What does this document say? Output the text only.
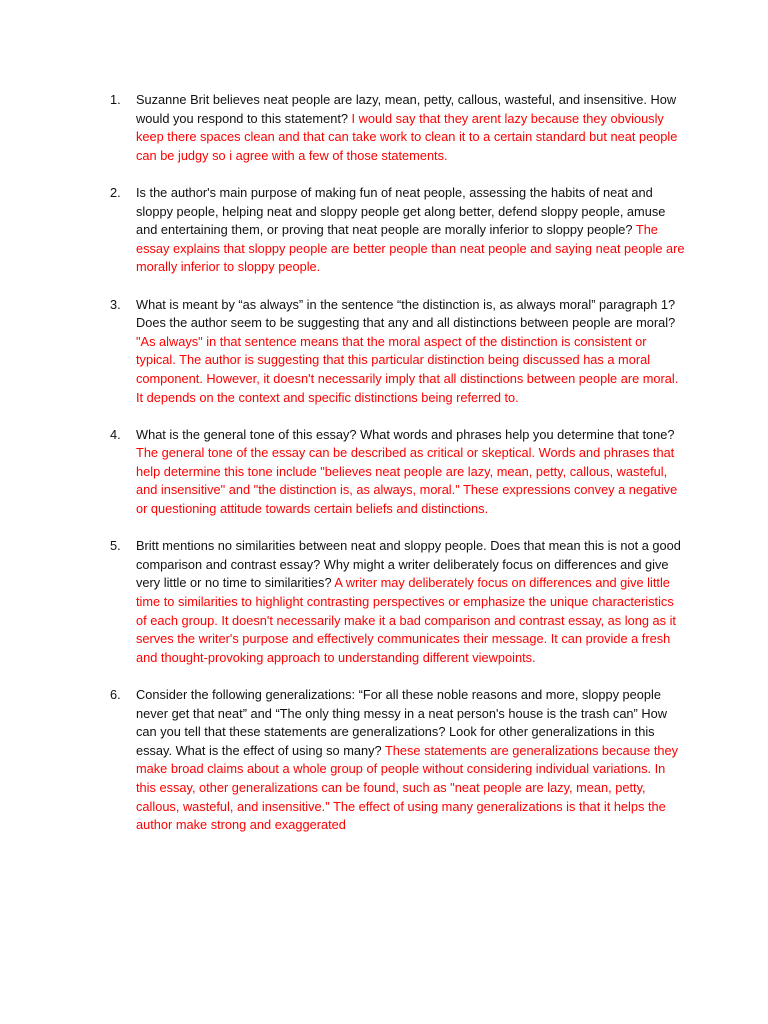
1. Suzanne Brit believes neat people are lazy, mean, petty, callous, wasteful, and insensitive. How would you respond to this statement? I would say that they arent lazy because they obviously keep there spaces clean and that can take work to clean it to a certain standard but neat people can be judgy so i agree with a few of those statements.
2. Is the author's main purpose of making fun of neat people, assessing the habits of neat and sloppy people, helping neat and sloppy people get along better, defend sloppy people, amuse and entertaining them, or proving that neat people are morally inferior to sloppy people? The essay explains that sloppy people are better people than neat people and saying neat people are morally inferior to sloppy people.
3. What is meant by “as always” in the sentence “the distinction is, as always moral” paragraph 1? Does the author seem to be suggesting that any and all distinctions between people are moral? "As always" in that sentence means that the moral aspect of the distinction is consistent or typical. The author is suggesting that this particular distinction being discussed has a moral component. However, it doesn't necessarily imply that all distinctions between people are moral. It depends on the context and specific distinctions being referred to.
4. What is the general tone of this essay? What words and phrases help you determine that tone? The general tone of the essay can be described as critical or skeptical. Words and phrases that help determine this tone include "believes neat people are lazy, mean, petty, callous, wasteful, and insensitive" and "the distinction is, as always, moral." These expressions convey a negative or questioning attitude towards certain beliefs and distinctions.
5. Britt mentions no similarities between neat and sloppy people. Does that mean this is not a good comparison and contrast essay? Why might a writer deliberately focus on differences and give very little or no time to similarities? A writer may deliberately focus on differences and give little time to similarities to highlight contrasting perspectives or emphasize the unique characteristics of each group. It doesn't necessarily make it a bad comparison and contrast essay, as long as it serves the writer's purpose and effectively communicates their message. It can provide a fresh and thought-provoking approach to understanding different viewpoints.
6. Consider the following generalizations: “For all these noble reasons and more, sloppy people never get that neat” and “The only thing messy in a neat person's house is the trash can” How can you tell that these statements are generalizations? Look for other generalizations in this essay. What is the effect of using so many? These statements are generalizations because they make broad claims about a whole group of people without considering individual variations. In this essay, other generalizations can be found, such as "neat people are lazy, mean, petty, callous, wasteful, and insensitive." The effect of using many generalizations is that it helps the author make strong and exaggerated
